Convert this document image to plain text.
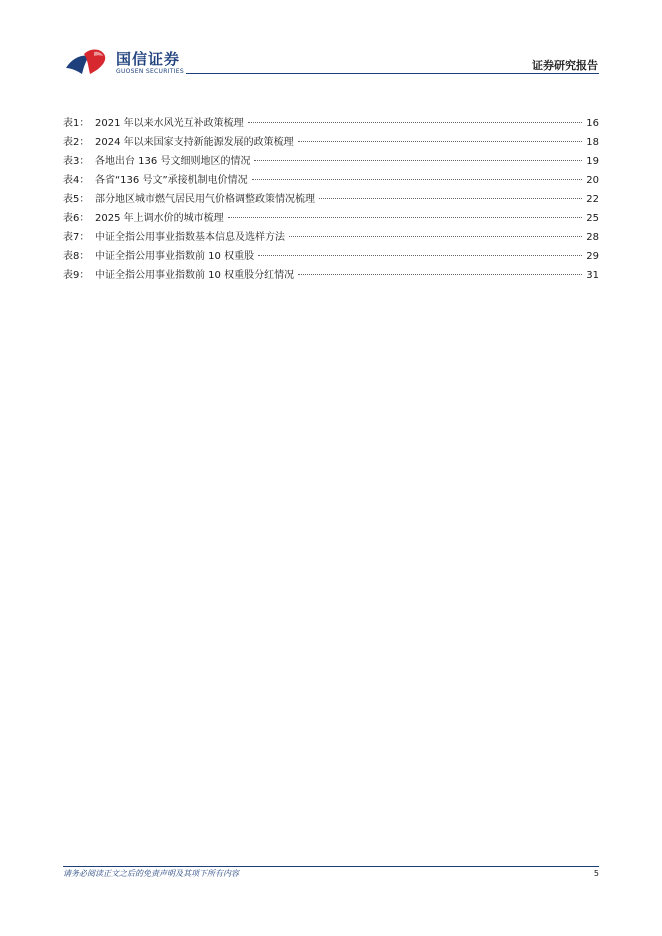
国信证券
GUOSEN SECURITIES	证券研究报告
表1： 2021 年以来水风光互补政策梳理	16
表2： 2024 年以来国家支持新能源发展的政策梳理	18
表3： 各地出台 136 号文细则地区的情况	19
表4： 各省“136 号文”承接机制电价情况	20
表5： 部分地区城市燃气居民用气价格调整政策情况梳理	22
表6： 2025 年上调水价的城市梳理	25
表7： 中证全指公用事业指数基本信息及选样方法	28
表8： 中证全指公用事业指数前 10 权重股	29
表9： 中证全指公用事业指数前 10 权重股分红情况	31
请务必阅读正文之后的免责声明及其项下所有内容	5
